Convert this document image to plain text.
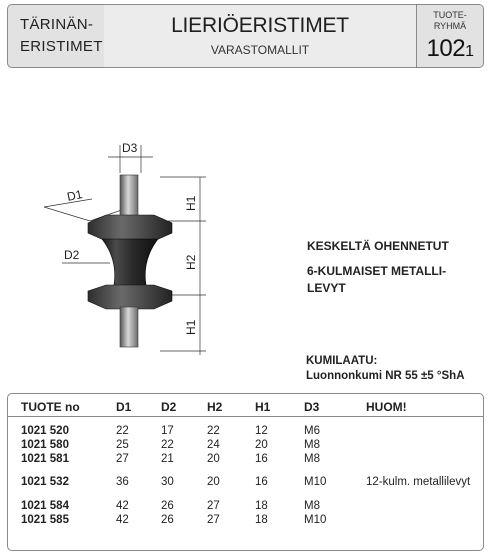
TÄRINÄN-
ERISTIMET
LIERIÖERISTIMET
VARASTOMALLIT
TUOTE-
RYHMÄ
1021
D3
D1
D2
H1
H2
H1
KESKELTÄ OHENNETUT
6-KULMAISET METALLI-LEVYT
KUMILAATU:
Luonnonkumi NR 55 ±5 °ShA
TUOTE no	D1 D2	H2	H1	D3	HUOM!
1021 520	22	17	22	12	M6
1021 580	25	22	24	20	M8
1021 581	27	21	20	16	M8
1021 532	36	30	20	16	M10	12-kulm. metallilevyt
1021 584	42	26	27	18	M8
1021 585	42	26	27	18	M10
